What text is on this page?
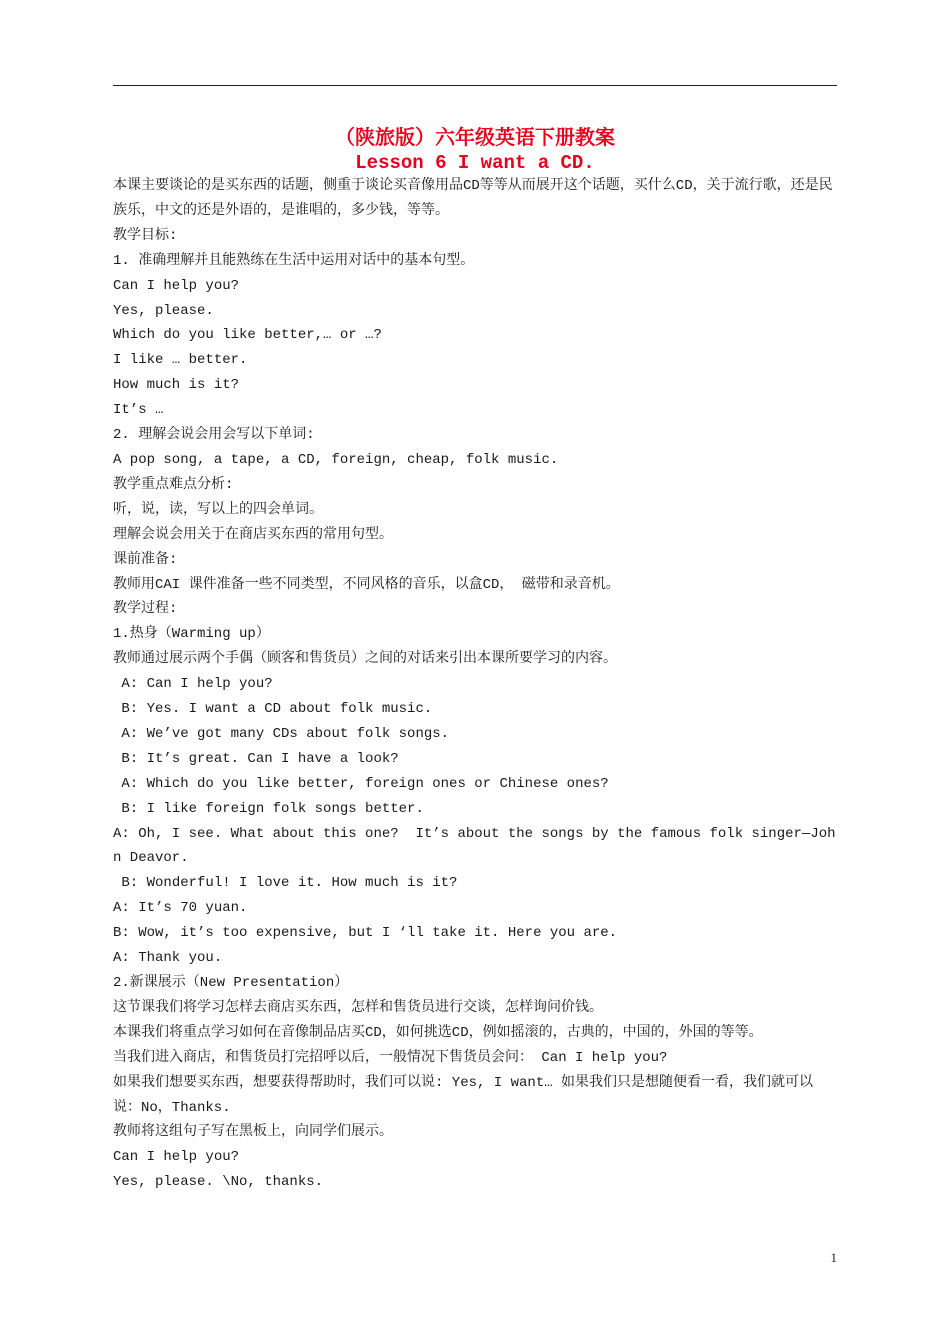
（陕旅版）六年级英语下册教案
Lesson 6 I want a CD.
本课主要谈论的是买东西的话题，侧重于谈论买音像用品CD等等从而展开这个话题，买什么CD，关于流行歌，还是民族乐，中文的还是外语的，是谁唱的，多少钱，等等。
教学目标:
1. 准确理解并且能熟练在生活中运用对话中的基本句型。
Can I help you?
Yes, please.
Which do you like better,… or …?
I like … better.
How much is it?
It’s …
2. 理解会说会用会写以下单词:
A pop song, a tape, a CD, foreign, cheap, folk music.
教学重点难点分析:
听，说，读，写以上的四会单词。
理解会说会用关于在商店买东西的常用句型。
课前准备:
教师用CAI 课件准备一些不同类型，不同风格的音乐，以盒CD， 磁带和录音机。
教学过程:
1.热身（Warming up）
教师通过展示两个手偶（顾客和售货员）之间的对话来引出本课所要学习的内容。
A: Can I help you?
B: Yes. I want a CD about folk music.
A: We’ve got many CDs about folk songs.
B: It’s great. Can I have a look?
A: Which do you like better, foreign ones or Chinese ones?
B: I like foreign folk songs better.
A: Oh, I see. What about this one?  It’s about the songs by the famous folk singer—John Deavor.
B: Wonderful! I love it. How much is it?
A: It’s 70 yuan.
B: Wow, it’s too expensive, but I ‘ll take it. Here you are.
A: Thank you.
2.新课展示（New Presentation）
这节课我们将学习怎样去商店买东西，怎样和售货员进行交谈，怎样询问价钱。
本课我们将重点学习如何在音像制品店买CD，如何挑选CD，例如摇滚的，古典的，中国的，外国的等等。
当我们进入商店，和售货员打完招呼以后，一般情况下售货员会问： Can I help you?
如果我们想要买东西，想要获得帮助时，我们可以说: Yes, I want… 如果我们只是想随便看一看，我们就可以说：No，Thanks.
教师将这组句子写在黑板上，向同学们展示。
Can I help you?
Yes, please. \No, thanks.
1
